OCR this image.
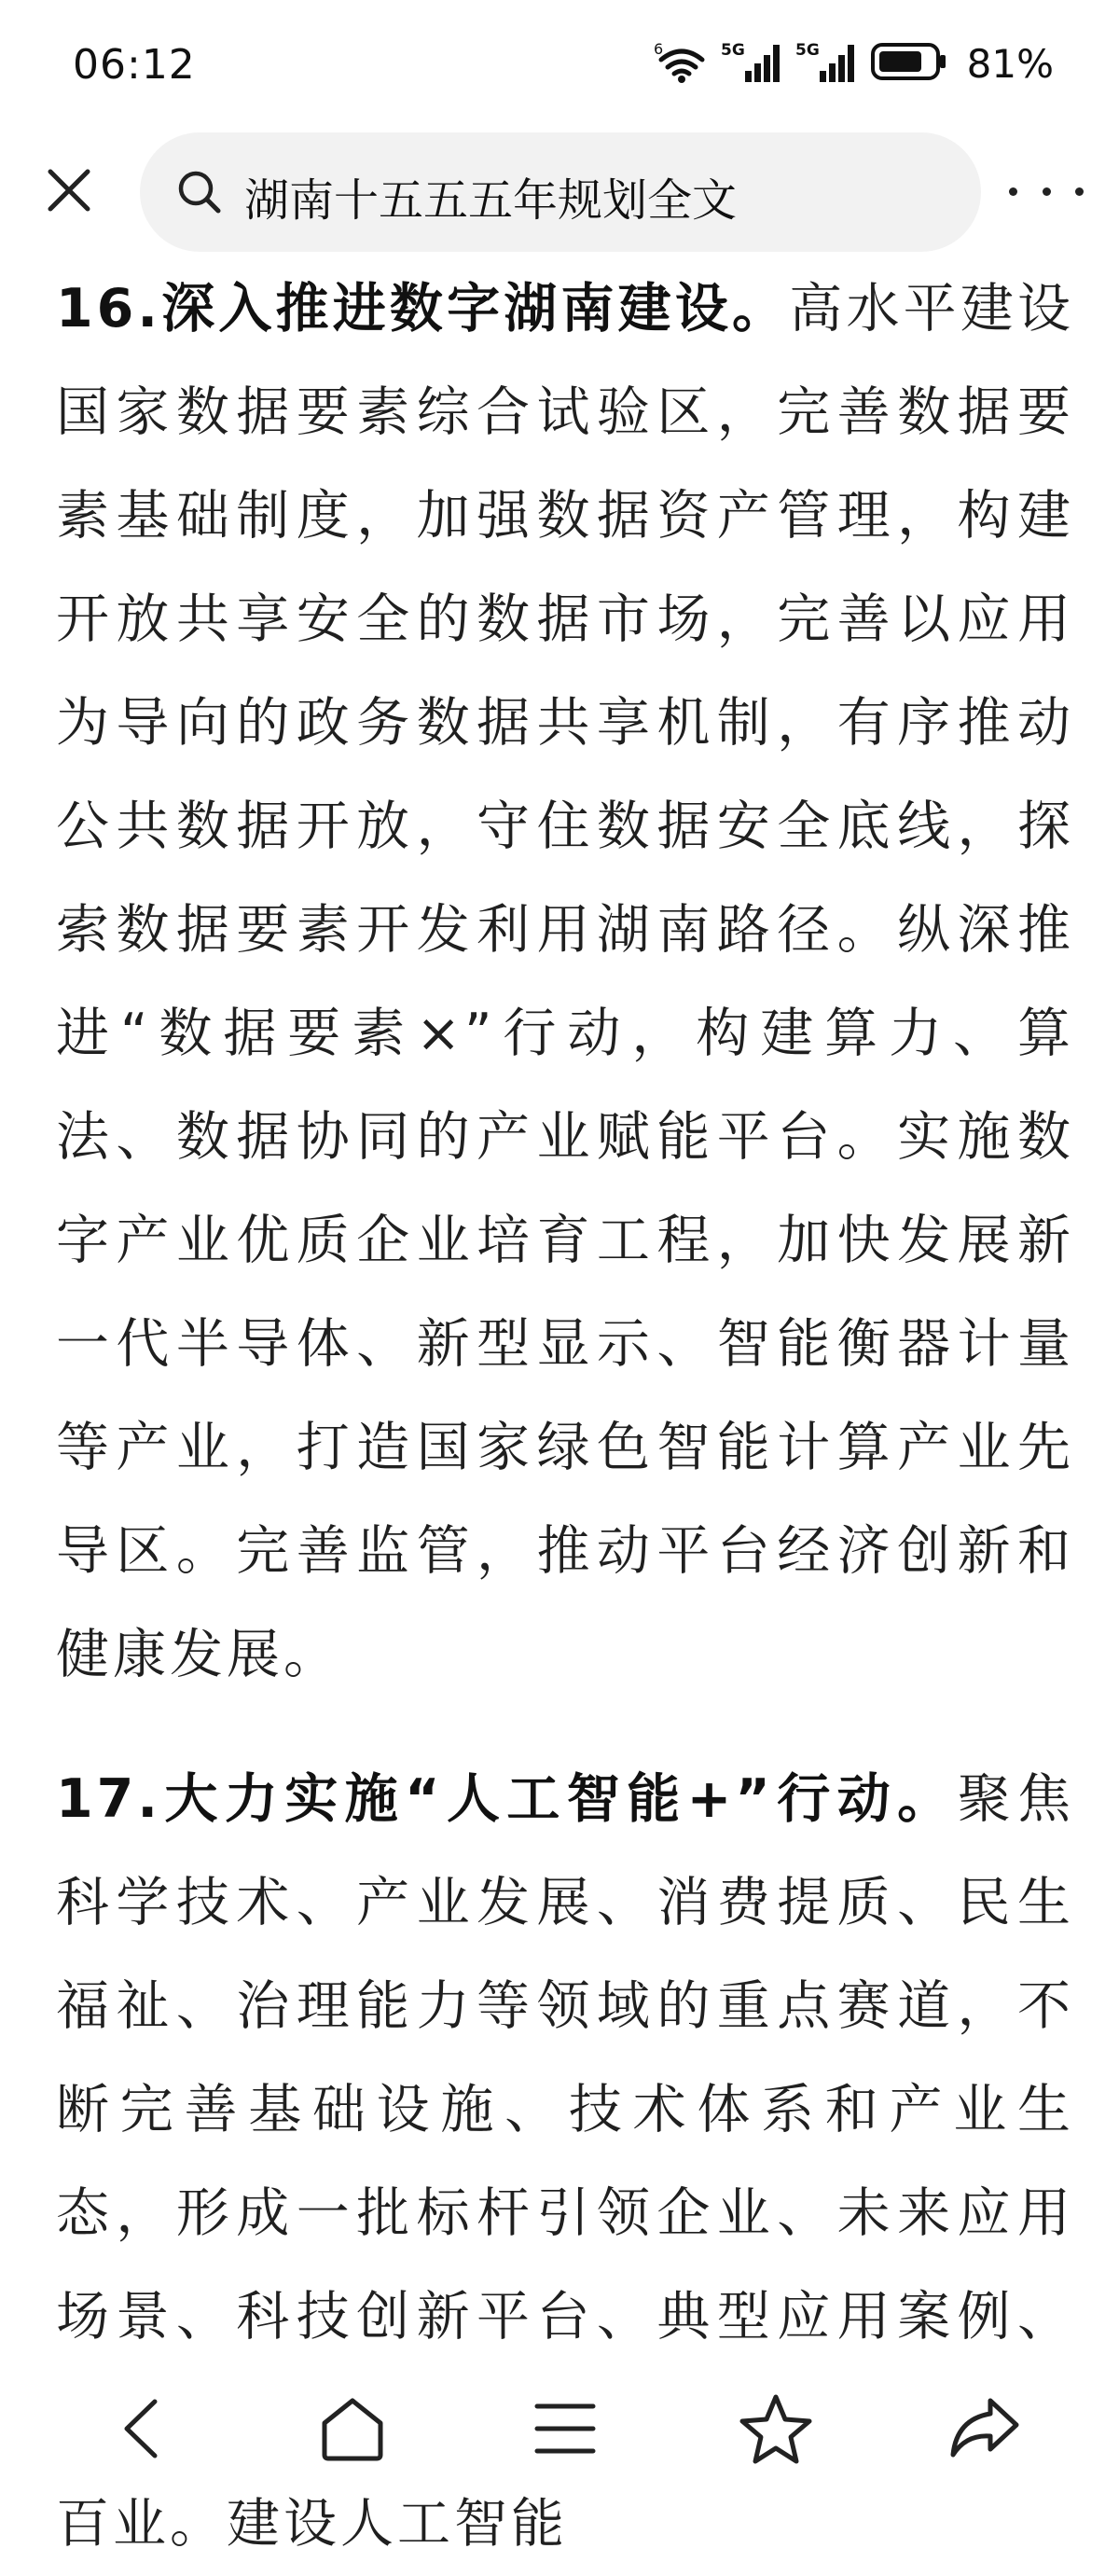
06:12	6	5G	5G	81%
湖南十五五五年规划全文

16.深入推进数字湖南建设。高水平建设国家数据要素综合试验区，完善数据要素基础制度，加强数据资产管理，构建开放共享安全的数据市场，完善以应用为导向的政务数据共享机制，有序推动公共数据开放，守住数据安全底线，探索数据要素开发利用湖南路径。纵深推进“数据要素×”行动，构建算力、算法、数据协同的产业赋能平台。实施数字产业优质企业培育工程，加快发展新一代半导体、新型显示、智能衡器计量等产业，打造国家绿色智能计算产业先导区。完善监管，推动平台经济创新和健康发展。

17.大力实施“人工智能+”行动。聚焦科学技术、产业发展、消费提质、民生福祉、治理能力等领域的重点赛道，不断完善基础设施、技术体系和产业生态，形成一批标杆引领企业、未来应用场景、科技创新平台、典型应用案例、 百业。建设人工智能
